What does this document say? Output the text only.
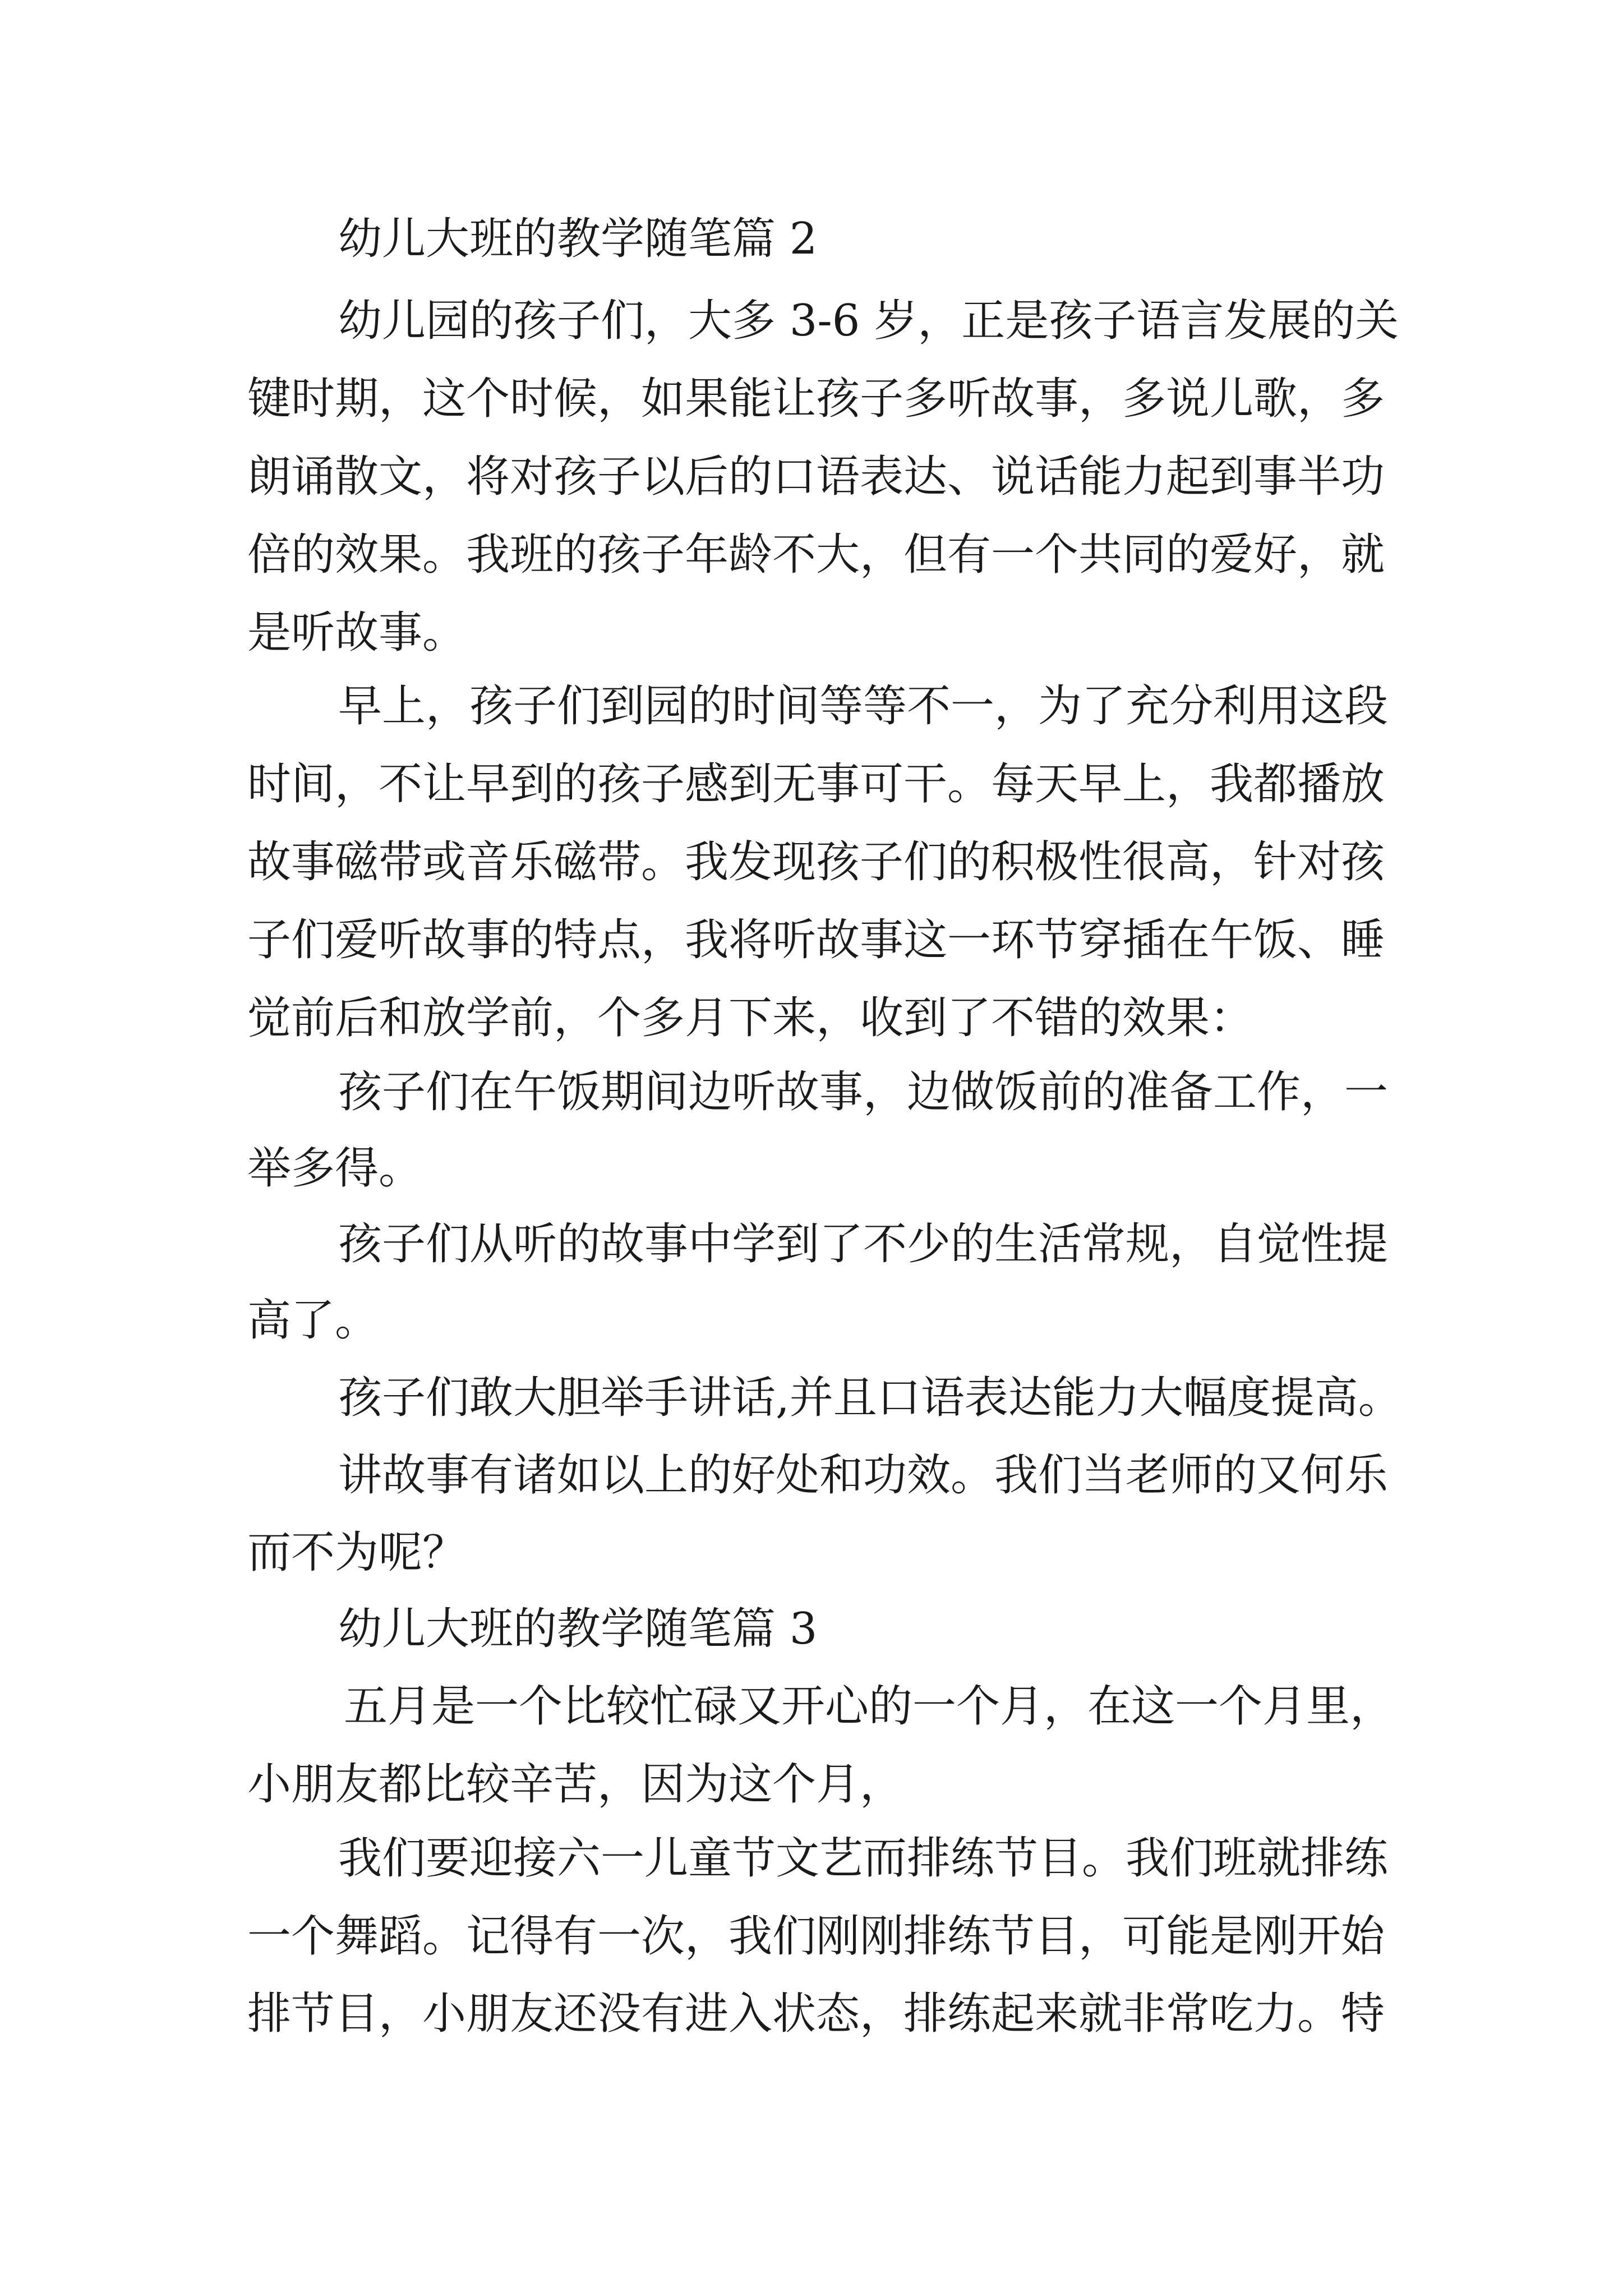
幼儿大班的教学随笔篇 2

幼儿园的孩子们，大多 3-6 岁，正是孩子语言发展的关

键时期，这个时候，如果能让孩子多听故事，多说儿歌，多

朗诵散文，将对孩子以后的口语表达、说话能力起到事半功

倍的效果。我班的孩子年龄不大，但有一个共同的爱好，就

是听故事。

早上，孩子们到园的时间等等不一，为了充分利用这段

时间，不让早到的孩子感到无事可干。每天早上，我都播放

故事磁带或音乐磁带。我发现孩子们的积极性很高，针对孩

子们爱听故事的特点，我将听故事这一环节穿插在午饭、睡

觉前后和放学前，个多月下来，收到了不错的效果：

孩子们在午饭期间边听故事，边做饭前的准备工作，一

举多得。

孩子们从听的故事中学到了不少的生活常规，自觉性提

高了。

孩子们敢大胆举手讲话,并且口语表达能力大幅度提高。

讲故事有诸如以上的好处和功效。我们当老师的又何乐

而不为呢？

幼儿大班的教学随笔篇 3

五月是一个比较忙碌又开心的一个月，在这一个月里，

小朋友都比较辛苦，因为这个月，

我们要迎接六一儿童节文艺而排练节目。我们班就排练

一个舞蹈。记得有一次，我们刚刚排练节目，可能是刚开始

排节目，小朋友还没有进入状态，排练起来就非常吃力。特
